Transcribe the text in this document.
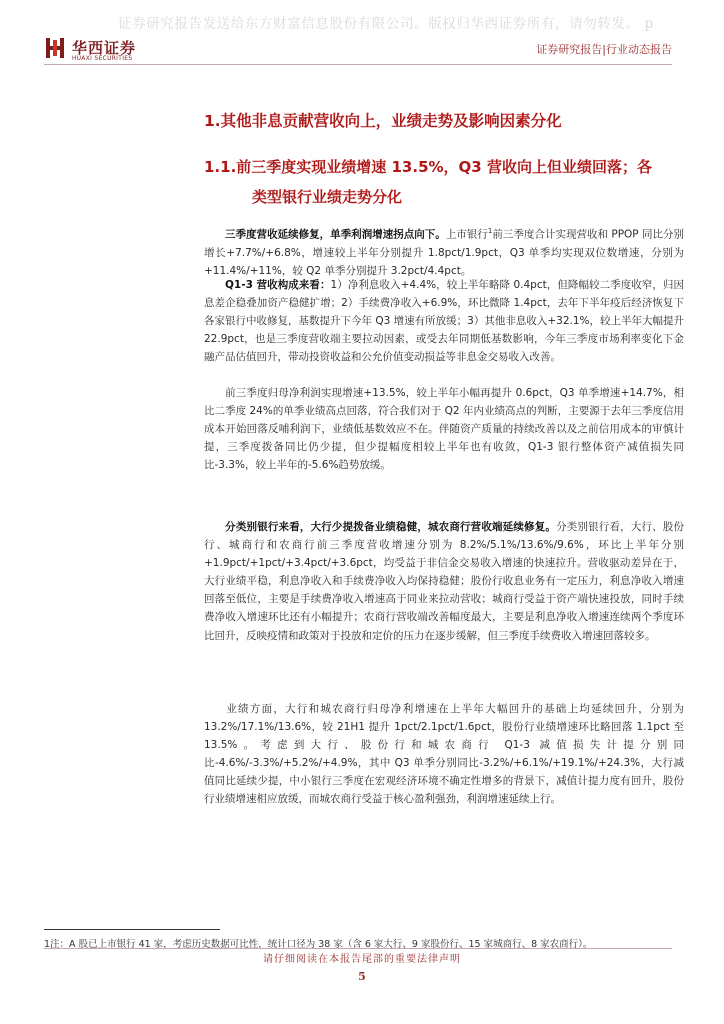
证券研究报告发送给东方财富信息股份有限公司。版权归华西证券所有，请勿转发。 p
华西证券
HUAXI SECURITIES
证券研究报告|行业动态报告
1.其他非息贡献营收向上，业绩走势及影响因素分化
1.1.前三季度实现业绩增速 13.5%，Q3 营收向上但业绩回落；各
类型银行业绩走势分化
三季度营收延续修复，单季利润增速拐点向下。上市银行$^1$前三季度合计实现营收和 PPOP 同比分别增长+7.7%/+6.8%，增速较上半年分别提升 1.8pct/1.9pct，Q3 单季均实现双位数增速，分别为+11.4%/+11%，较 Q2 单季分别提升 3.2pct/4.4pct。
Q1-3 营收构成来看：1）净利息收入+4.4%，较上半年略降 0.4pct，但降幅较二季度收窄，归因息差企稳叠加资产稳健扩增；2）手续费净收入+6.9%，环比微降 1.4pct，去年下半年疫后经济恢复下各家银行中收修复，基数提升下今年 Q3 增速有所放缓；3）其他非息收入+32.1%，较上半年大幅提升 22.9pct，也是三季度营收端主要拉动因素，或受去年同期低基数影响，今年三季度市场利率变化下金融产品估值回升，带动投资收益和公允价值变动损益等非息金交易收入改善。
前三季度归母净利润实现增速+13.5%，较上半年小幅再提升 0.6pct，Q3 单季增速+14.7%，相比二季度 24%的单季业绩高点回落，符合我们对于 Q2 年内业绩高点的判断，主要源于去年三季度信用成本开始回落反哺利润下，业绩低基数效应不在。伴随资产质量的持续改善以及之前信用成本的审慎计提，三季度拨备同比仍少提，但少提幅度相较上半年也有收敛，Q1-3 银行整体资产减值损失同比-3.3%，较上半年的-5.6%趋势放缓。
分类别银行来看，大行少提拨备业绩稳健，城农商行营收端延续修复。分类别银行看，大行、股份行、城商行和农商行前三季度营收增速分别为 8.2%/5.1%/13.6%/9.6%，环比上半年分别+1.9pct/+1pct/+3.4pct/+3.6pct，均受益于非信金交易收入增速的快速拉升。营收驱动差异在于，大行业绩平稳，利息净收入和手续费净收入均保持稳健；股份行收息业务有一定压力，利息净收入增速回落至低位，主要是手续费净收入增速高于同业来拉动营收；城商行受益于资产端快速投放，同时手续费净收入增速环比还有小幅提升；农商行营收端改善幅度最大，主要是利息净收入增速连续两个季度环比回升，反映疫情和政策对于投放和定价的压力在逐步缓解，但三季度手续费收入增速回落较多。
业绩方面，大行和城农商行归母净利增速在上半年大幅回升的基础上均延续回升，分别为 13.2%/17.1%/13.6%，较 21H1 提升 1pct/2.1pct/1.6pct，股份行业绩增速环比略回落 1.1pct 至 13.5%。考虑到大行、股份行和城农商行 Q1-3 减值损失计提分别同比-4.6%/-3.3%/+5.2%/+4.9%，其中 Q3 单季分别同比-3.2%/+6.1%/+19.1%/+24.3%，大行减值同比延续少提，中小银行三季度在宏观经济环境不确定性增多的背景下，减值计提力度有回升，股份行业绩增速相应放缓，而城农商行受益于核心盈利强劲，利润增速延续上行。
1注：A 股已上市银行 41 家，考虑历史数据可比性，统计口径为 38 家（含 6 家大行、9 家股份行、15 家城商行、8 家农商行）。
请仔细阅读在本报告尾部的重要法律声明
5
